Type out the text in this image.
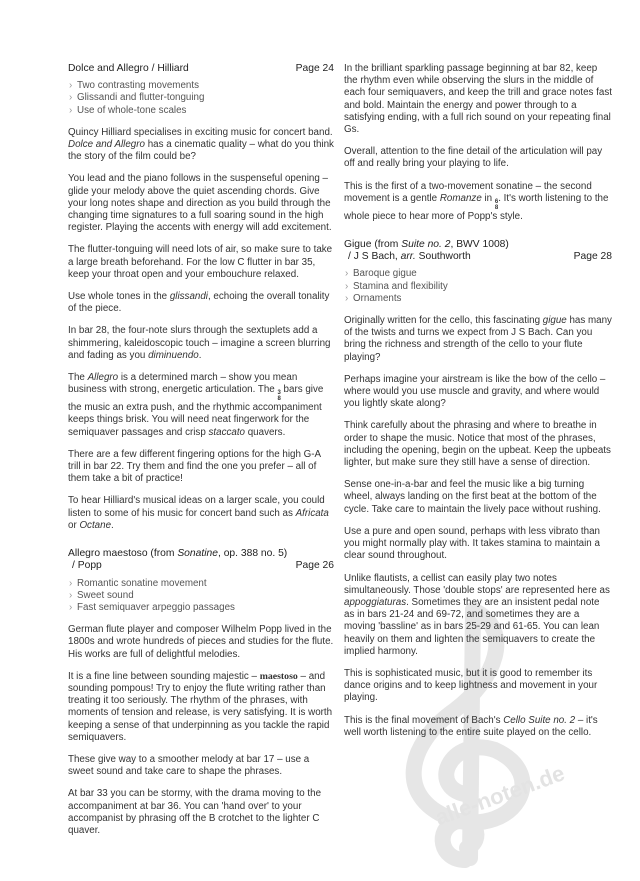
Dolce and Allegro / Hilliard	Page 24
› Two contrasting movements
› Glissandi and flutter-tonguing
› Use of whole-tone scales

Quincy Hilliard specialises in exciting music for concert band. Dolce and Allegro has a cinematic quality – what do you think the story of the film could be?

You lead and the piano follows in the suspenseful opening – glide your melody above the quiet ascending chords. Give your long notes shape and direction as you build through the changing time signatures to a full soaring sound in the high register. Playing the accents with energy will add excitement.

The flutter-tonguing will need lots of air, so make sure to take a large breath beforehand. For the low C flutter in bar 35, keep your throat open and your embouchure relaxed.

Use whole tones in the glissandi, echoing the overall tonality of the piece.

In bar 28, the four-note slurs through the sextuplets add a shimmering, kaleidoscopic touch – imagine a screen blurring and fading as you diminuendo.

The Allegro is a determined march – show you mean business with strong, energetic articulation. The 3
8
bars give the music an extra push, and the rhythmic accompaniment keeps things brisk. You will need neat fingerwork for the semiquaver passages and crisp staccato quavers.

There are a few different fingering options for the high G-A trill in bar 22. Try them and find the one you prefer – all of them take a bit of practice!

To hear Hilliard's musical ideas on a larger scale, you could listen to some of his music for concert band such as Africata or Octane.

Allegro maestoso (from Sonatine, op. 388 no. 5)
/ Popp	Page 26
› Romantic sonatine movement
› Sweet sound
› Fast semiquaver arpeggio passages

German flute player and composer Wilhelm Popp lived in the 1800s and wrote hundreds of pieces and studies for the flute. His works are full of delightful melodies.

It is a fine line between sounding majestic – maestoso – and sounding pompous! Try to enjoy the flute writing rather than treating it too seriously. The rhythm of the phrases, with moments of tension and release, is very satisfying. It is worth keeping a sense of that underpinning as you tackle the rapid semiquavers.

These give way to a smoother melody at bar 17 – use a sweet sound and take care to shape the phrases.

At bar 33 you can be stormy, with the drama moving to the accompaniment at bar 36. You can 'hand over' to your accompanist by phrasing off the B crotchet to the lighter C quaver.

alle-noten.de

In the brilliant sparkling passage beginning at bar 82, keep the rhythm even while observing the slurs in the middle of each four semiquavers, and keep the trill and grace notes fast and bold. Maintain the energy and power through to a satisfying ending, with a full rich sound on your repeating final Gs.

Overall, attention to the fine detail of the articulation will pay off and really bring your playing to life.

This is the first of a two-movement sonatine – the second movement is a gentle Romanze in 6
8
. It's worth listening to the whole piece to hear more of Popp's style.

Gigue (from Suite no. 2, BWV 1008)
/ J S Bach, arr. Southworth	Page 28
› Baroque gigue
› Stamina and flexibility
› Ornaments

Originally written for the cello, this fascinating gigue has many of the twists and turns we expect from J S Bach. Can you bring the richness and strength of the cello to your flute playing?

Perhaps imagine your airstream is like the bow of the cello – where would you use muscle and gravity, and where would you lightly skate along?

Think carefully about the phrasing and where to breathe in order to shape the music. Notice that most of the phrases, including the opening, begin on the upbeat. Keep the upbeats lighter, but make sure they still have a sense of direction.

Sense one-in-a-bar and feel the music like a big turning wheel, always landing on the first beat at the bottom of the cycle. Take care to maintain the lively pace without rushing.

Use a pure and open sound, perhaps with less vibrato than you might normally play with. It takes stamina to maintain a clear sound throughout.

Unlike flautists, a cellist can easily play two notes simultaneously. Those 'double stops' are represented here as appoggiaturas. Sometimes they are an insistent pedal note as in bars 21-24 and 69-72, and sometimes they are a moving 'bassline' as in bars 25-29 and 61-65. You can lean heavily on them and lighten the semiquavers to create the implied harmony.

This is sophisticated music, but it is good to remember its dance origins and to keep lightness and movement in your playing.

This is the final movement of Bach's Cello Suite no. 2 – it's well worth listening to the entire suite played on the cello.
